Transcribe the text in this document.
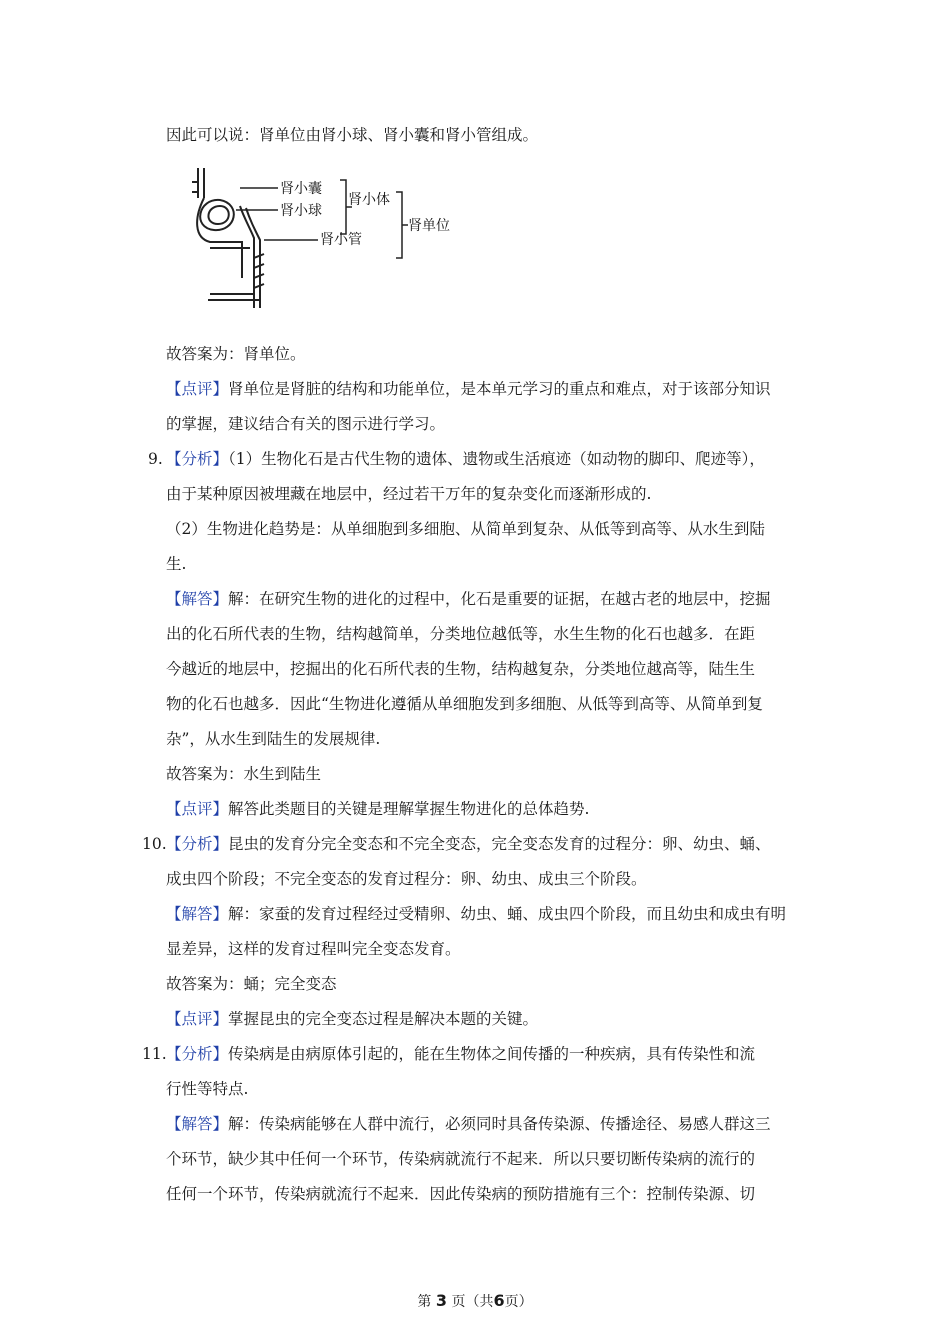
因此可以说：肾单位由肾小球、肾小囊和肾小管组成。
肾小囊
肾小球
肾小管
肾小体
肾单位
故答案为：肾单位。
【点评】肾单位是肾脏的结构和功能单位，是本单元学习的重点和难点，对于该部分知识
的掌握，建议结合有关的图示进行学习。
9. 【分析】（1）生物化石是古代生物的遗体、遗物或生活痕迹（如动物的脚印、爬迹等），
由于某种原因被埋藏在地层中，经过若干万年的复杂变化而逐渐形成的.
（2）生物进化趋势是：从单细胞到多细胞、从简单到复杂、从低等到高等、从水生到陆
生.
【解答】解：在研究生物的进化的过程中，化石是重要的证据，在越古老的地层中，挖掘
出的化石所代表的生物，结构越简单，分类地位越低等，水生生物的化石也越多．在距
今越近的地层中，挖掘出的化石所代表的生物，结构越复杂，分类地位越高等，陆生生
物的化石也越多．因此“生物进化遵循从单细胞发到多细胞、从低等到高等、从简单到复
杂”，从水生到陆生的发展规律.
故答案为：水生到陆生
【点评】解答此类题目的关键是理解掌握生物进化的总体趋势.
10. 【分析】昆虫的发育分完全变态和不完全变态，完全变态发育的过程分：卵、幼虫、蛹、
成虫四个阶段；不完全变态的发育过程分：卵、幼虫、成虫三个阶段。
【解答】解：家蚕的发育过程经过受精卵、幼虫、蛹、成虫四个阶段，而且幼虫和成虫有明
显差异，这样的发育过程叫完全变态发育。
故答案为：蛹；完全变态
【点评】掌握昆虫的完全变态过程是解决本题的关键。
11. 【分析】传染病是由病原体引起的，能在生物体之间传播的一种疾病，具有传染性和流
行性等特点.
【解答】解：传染病能够在人群中流行，必须同时具备传染源、传播途径、易感人群这三
个环节，缺少其中任何一个环节，传染病就流行不起来．所以只要切断传染病的流行的
任何一个环节，传染病就流行不起来．因此传染病的预防措施有三个：控制传染源、切
第 3 页（共6页）
